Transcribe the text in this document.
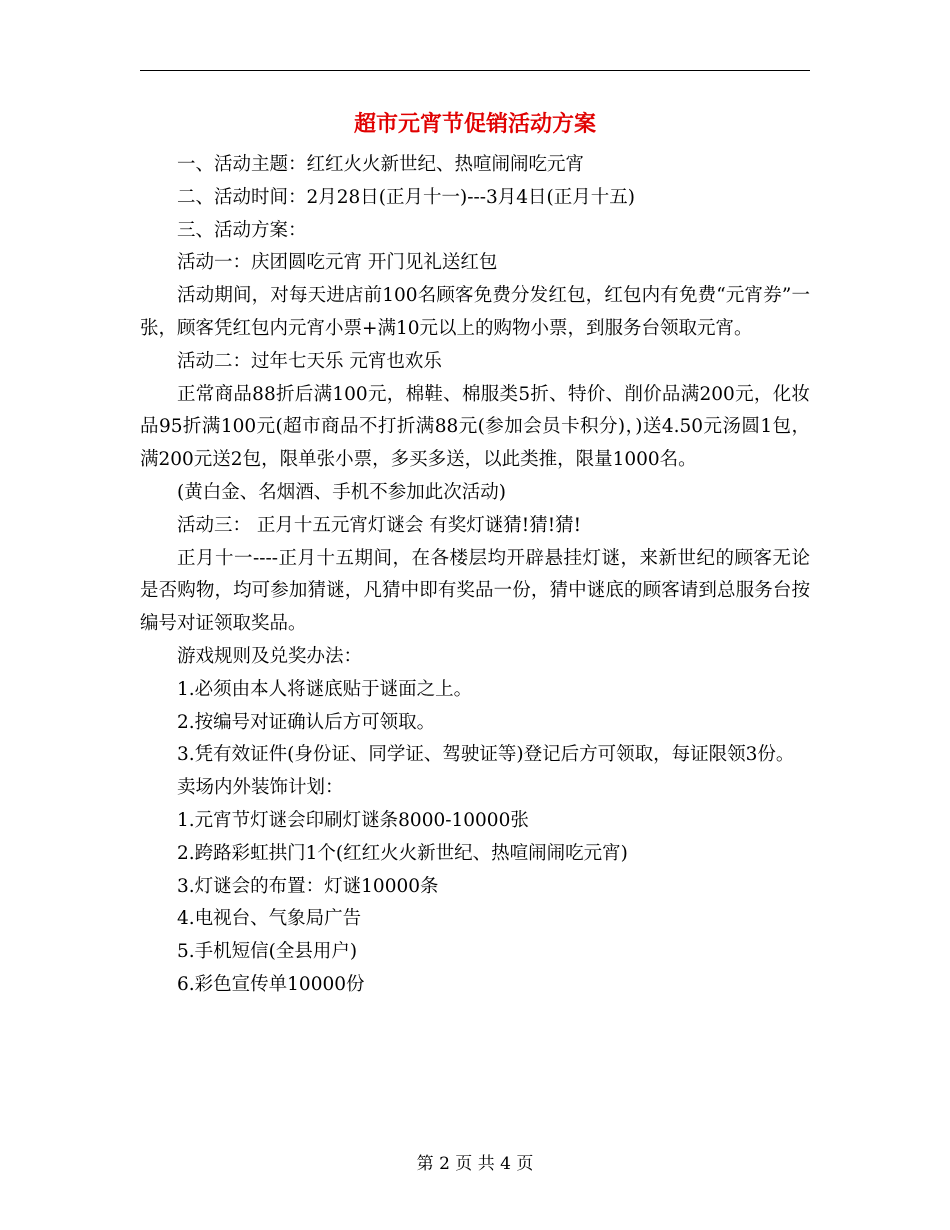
超市元宵节促销活动方案

一、活动主题：红红火火新世纪、热喧闹闹吃元宵

二、活动时间：2月28日(正月十一)---3月4日(正月十五)

三、活动方案：

活动一：庆团圆吃元宵 开门见礼送红包

活动期间，对每天进店前100名顾客免费分发红包，红包内有免费“元宵券”一张，顾客凭红包内元宵小票+满10元以上的购物小票，到服务台领取元宵。

活动二：过年七天乐 元宵也欢乐

正常商品88折后满100元，棉鞋、棉服类5折、特价、削价品满200元，化妆品95折满100元(超市商品不打折满88元(参加会员卡积分)，)送4.50元汤圆1包，满200元送2包，限单张小票，多买多送，以此类推，限量1000名。

(黄白金、名烟酒、手机不参加此次活动)

活动三： 正月十五元宵灯谜会 有奖灯谜猜!猜!猜!

正月十一----正月十五期间，在各楼层均开辟悬挂灯谜，来新世纪的顾客无论是否购物，均可参加猜谜，凡猜中即有奖品一份，猜中谜底的顾客请到总服务台按编号对证领取奖品。

游戏规则及兑奖办法：

1.必须由本人将谜底贴于谜面之上。

2.按编号对证确认后方可领取。

3.凭有效证件(身份证、同学证、驾驶证等)登记后方可领取，每证限领3份。

卖场内外装饰计划：

1.元宵节灯谜会印刷灯谜条8000-10000张

2.跨路彩虹拱门1个(红红火火新世纪、热喧闹闹吃元宵)

3.灯谜会的布置：灯谜10000条

4.电视台、气象局广告

5.手机短信(全县用户)

6.彩色宣传单10000份

第 2 页 共 4 页
